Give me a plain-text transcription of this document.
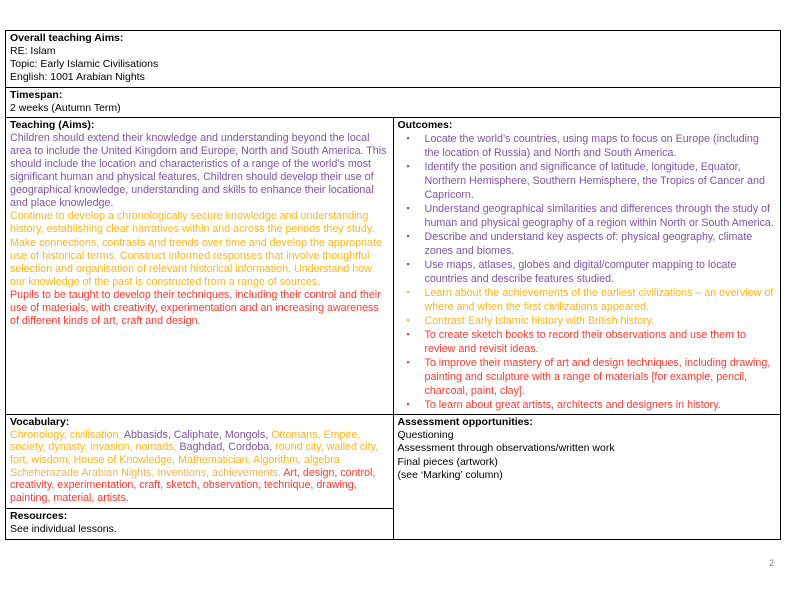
Overall teaching Aims:
RE: Islam
Topic: Early Islamic Civilisations
English: 1001 Arabian Nights	

Timespan:
2 weeks (Autumn Term)	

Teaching (Aims):
Children should extend their knowledge and understanding beyond the local area to include the United Kingdom and Europe, North and South America. This should include the location and characteristics of a range of the world’s most significant human and physical features. Children should develop their use of geographical knowledge, understanding and skills to enhance their locational and place knowledge.
Continue to develop a chronologically secure knowledge and understanding history, establishing clear narratives within and across the periods they study. Make connections, contrasts and trends over time and develop the appropriate use of historical terms. Construct informed responses that involve thoughtful selection and organisation of relevant historical information. Understand how our knowledge of the past is constructed from a range of sources.
Pupils to be taught to develop their techniques, including their control and their use of materials, with creativity, experimentation and an increasing awareness of different kinds of art, craft and design.

Outcomes:
▪ Locate the world’s countries, using maps to focus on Europe (including the location of Russia) and North and South America.
▪ Identify the position and significance of latitude, longitude, Equator, Northern Hemisphere, Southern Hemisphere, the Tropics of Cancer and Capricorn.
▪ Understand geographical similarities and differences through the study of human and physical geography of a region within North or South America.
▪ Describe and understand key aspects of: physical geography, climate zones and biomes.
▪ Use maps, atlases, globes and digital/computer mapping to locate countries and describe features studied.
▪ Learn about the achievements of the earliest civilizations – an overview of where and when the first civilizations appeared.
▪ Contrast Early Islamic history with British history.
▪ To create sketch books to record their observations and use them to review and revisit ideas.
▪ To improve their mastery of art and design techniques, including drawing, painting and sculpture with a range of materials [for example, pencil, charcoal, paint, clay].
▪ To learn about great artists, architects and designers in history.

Vocabulary:
Chronology, civilisation, Abbasids, Caliphate, Mongols, Ottomans, Empire, society, dynasty, invasion, nomads, Baghdad, Cordoba, round city, walled city, fort, wisdom, House of Knowledge, Mathematician, Algorithm, algebra Scheherazade Arabian Nights, Inventions, achievements. Art, design, control, creativity, experimentation, craft, sketch, observation, technique, drawing, painting, material, artists.

Assessment opportunities:
Questioning
Assessment through observations/written work
Final pieces (artwork)
(see ‘Marking’ column)

Resources:
See individual lessons.	
2
